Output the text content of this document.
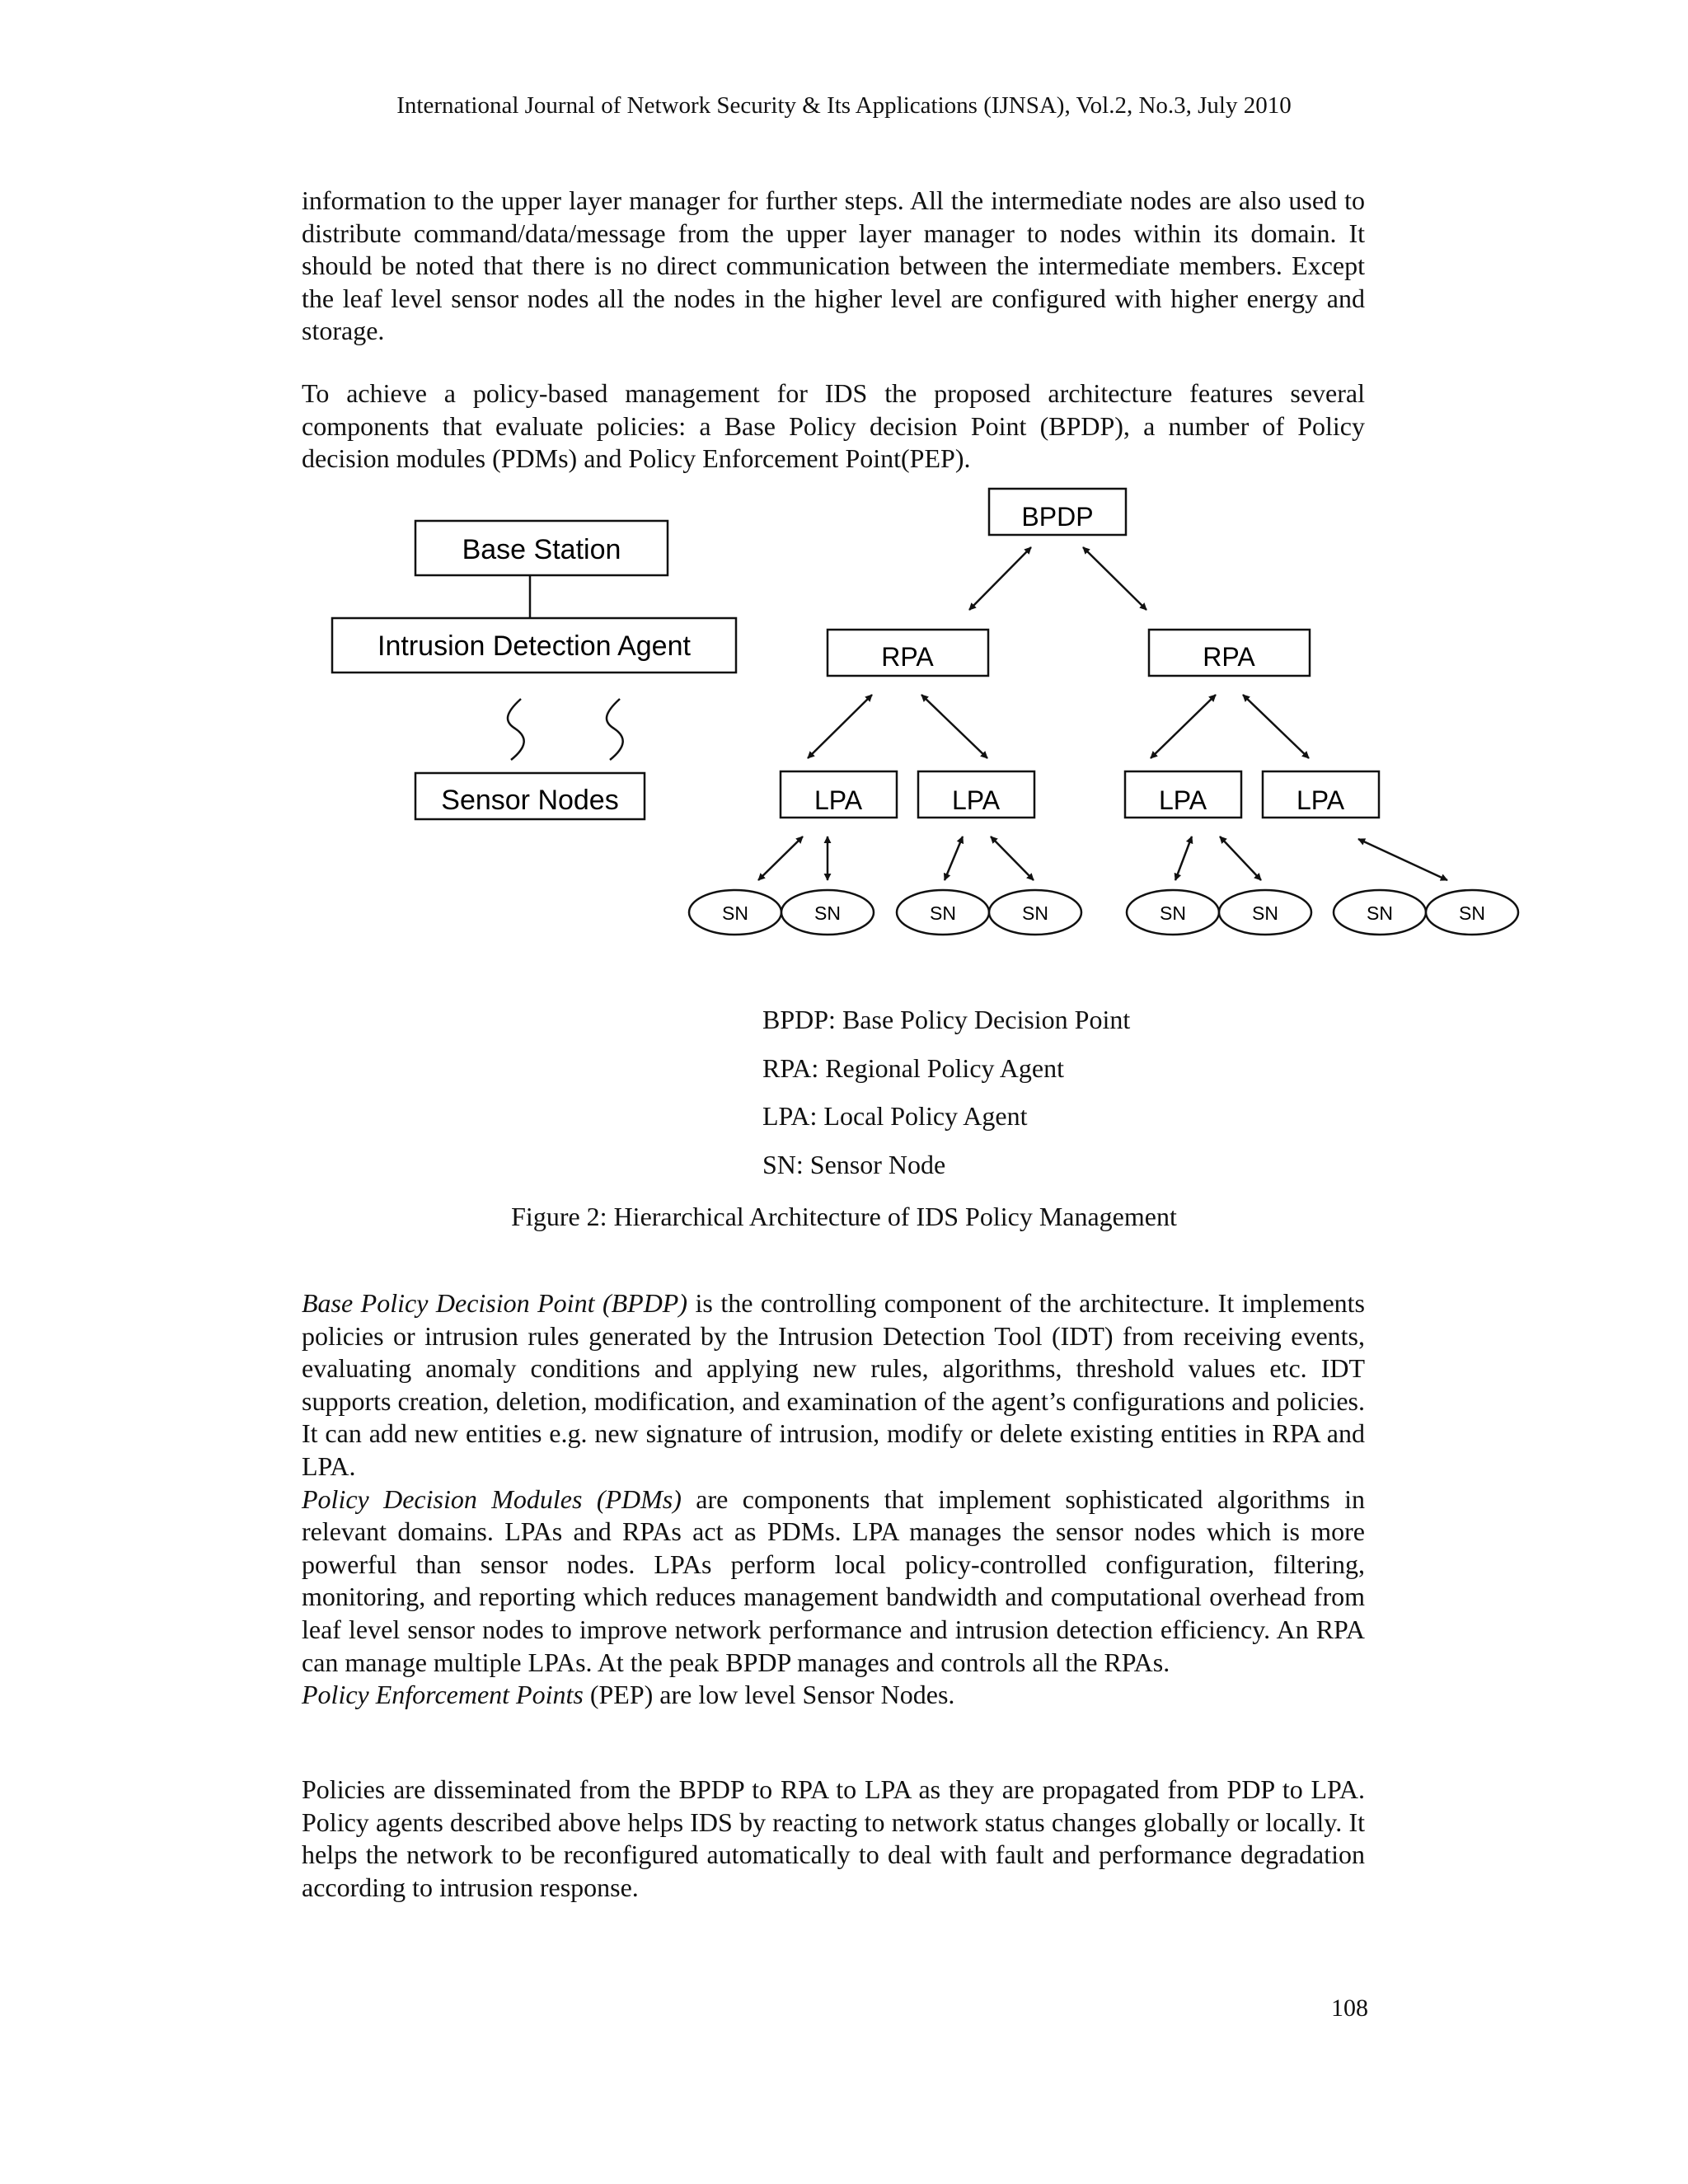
International Journal of Network Security & Its Applications (IJNSA), Vol.2, No.3, July 2010

information to the upper layer manager for further steps. All the intermediate nodes are also used to distribute command/data/message from the upper layer manager to nodes within its domain. It should be noted that there is no direct communication between the intermediate members. Except the leaf level sensor nodes all the nodes in the higher level are configured with higher energy and storage.

To achieve a policy-based management for IDS the proposed architecture features several components that evaluate policies: a Base Policy decision Point (BPDP), a number of Policy decision modules (PDMs) and Policy Enforcement Point(PEP).

Base Station
Intrusion Detection Agent
Sensor Nodes
BPDP
RPA	RPA
LPA	LPA	LPA	LPA
SN	SN	SN	SN	SN	SN	SN	SN
BPDP: Base Policy Decision Point
RPA: Regional Policy Agent
LPA: Local Policy Agent
SN: Sensor Node
Figure 2: Hierarchical Architecture of IDS Policy Management

Base Policy Decision Point (BPDP) is the controlling component of the architecture. It implements policies or intrusion rules generated by the Intrusion Detection Tool (IDT) from receiving events, evaluating anomaly conditions and applying new rules, algorithms, threshold values etc. IDT supports creation, deletion, modification, and examination of the agent’s configurations and policies. It can add new entities e.g. new signature of intrusion, modify or delete existing entities in RPA and LPA.

Policy Decision Modules (PDMs) are components that implement sophisticated algorithms in relevant domains. LPAs and RPAs act as PDMs. LPA manages the sensor nodes which is more powerful than sensor nodes. LPAs perform local policy-controlled configuration, filtering, monitoring, and reporting which reduces management bandwidth and computational overhead from leaf level sensor nodes to improve network performance and intrusion detection efficiency. An RPA can manage multiple LPAs. At the peak BPDP manages and controls all the RPAs.

Policy Enforcement Points (PEP) are low level Sensor Nodes.

Policies are disseminated from the BPDP to RPA to LPA as they are propagated from PDP to LPA. Policy agents described above helps IDS by reacting to network status changes globally or locally. It helps the network to be reconfigured automatically to deal with fault and performance degradation according to intrusion response.

108
